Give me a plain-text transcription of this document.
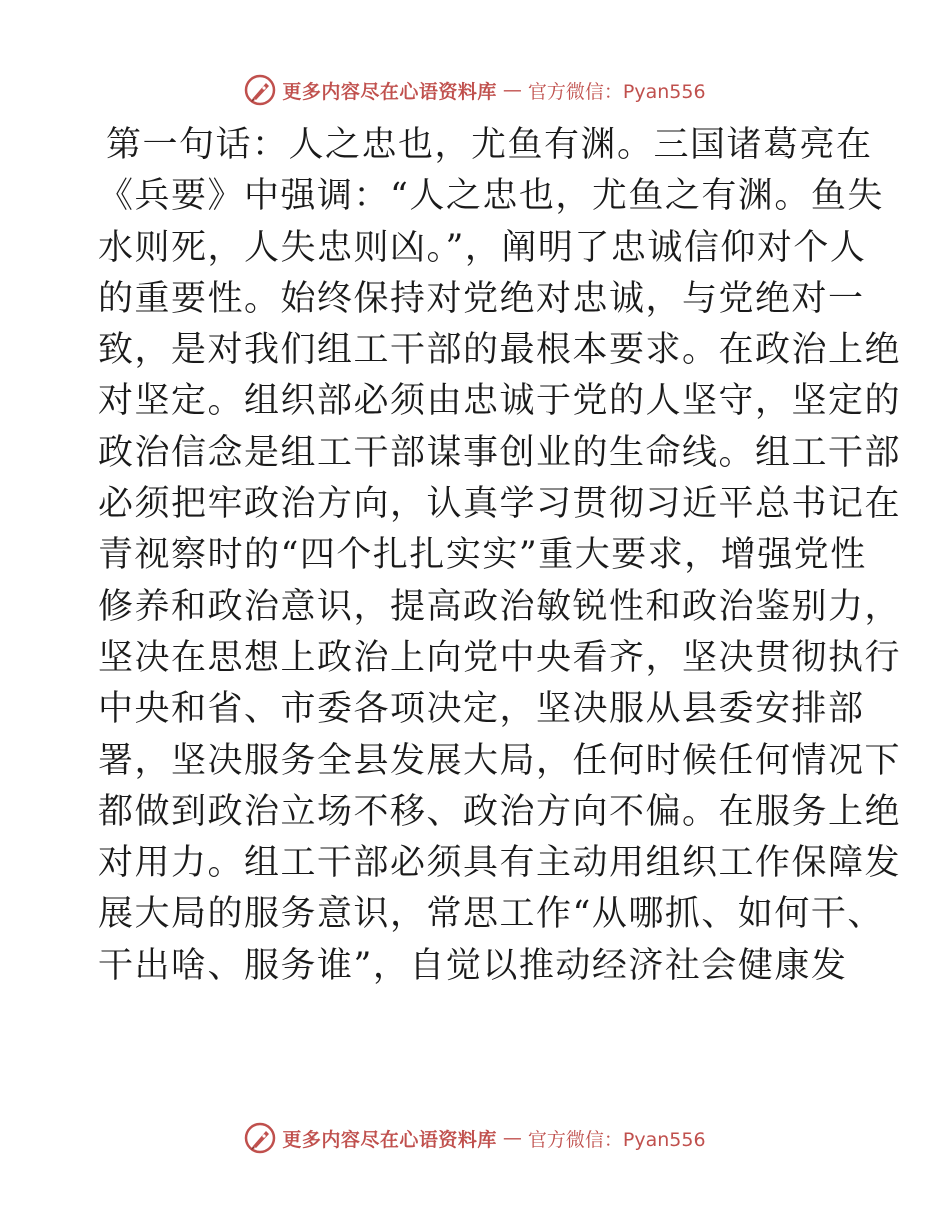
更多内容尽在心语资料库 — 官方微信：Pyan556
第一句话：人之忠也，尤鱼有渊。三国诸葛亮在
《兵要》中强调：“人之忠也，尤鱼之有渊。鱼失
水则死，人失忠则凶。”，阐明了忠诚信仰对个人
的重要性。始终保持对党绝对忠诚，与党绝对一
致，是对我们组工干部的最根本要求。在政治上绝
对坚定。组织部必须由忠诚于党的人坚守，坚定的
政治信念是组工干部谋事创业的生命线。组工干部
必须把牢政治方向，认真学习贯彻习近平总书记在
青视察时的“四个扎扎实实”重大要求，增强党性
修养和政治意识，提高政治敏锐性和政治鉴别力，
坚决在思想上政治上向党中央看齐，坚决贯彻执行
中央和省、市委各项决定，坚决服从县委安排部
署，坚决服务全县发展大局，任何时候任何情况下
都做到政治立场不移、政治方向不偏。在服务上绝
对用力。组工干部必须具有主动用组织工作保障发
展大局的服务意识，常思工作“从哪抓、如何干、
干出啥、服务谁”，自觉以推动经济社会健康发
更多内容尽在心语资料库 — 官方微信：Pyan556
